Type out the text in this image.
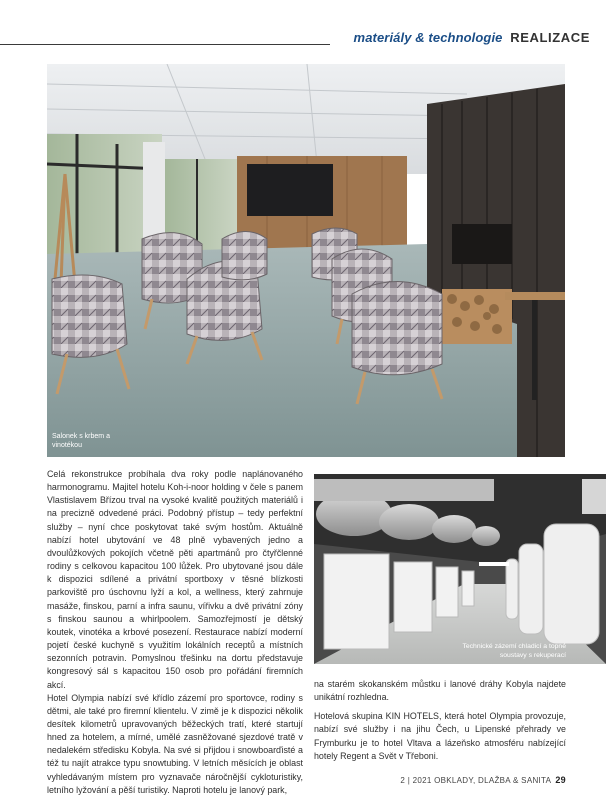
materiály & technologie REALIZACE
Salonek s krbem a vinotékou

Celá rekonstrukce probíhala dva roky podle naplánovaného harmonogramu. Majitel hotelu Koh-i-noor holding v čele s panem Vlastislavem Břízou trval na vysoké kvalitě použitých materiálů i na precizně odvedené práci. Podobný přístup – tedy perfektní služby – nyní chce poskytovat také svým hostům. Aktuálně nabízí hotel ubytování ve 48 plně vybavených jedno a dvoulůžkových pokojích včetně pěti apartmánů pro čtyřčlenné rodiny s celkovou kapacitou 100 lůžek. Pro ubytované jsou dále k dispozici sdílené a privátní sportboxy v těsné blízkosti parkoviště pro úschovnu lyží a kol, a wellness, který zahrnuje masáže, finskou, parní a infra saunu, vířivku a dvě privátní zóny s finskou saunou a whirlpoolem. Samozřejmostí je dětský koutek, vinotéka a krbové posezení. Restaurace nabízí moderní pojetí české kuchyně s využitím lokálních receptů a místních sezonních potravin. Pomyslnou třešinku na dortu představuje kongresový sál s kapacitou 150 osob pro pořádání firemních akcí.

Hotel Olympia nabízí své křídlo zázemí pro sportovce, rodiny s dětmi, ale také pro firemní klientelu. V zimě je k dispozici několik desítek kilometrů upravovaných běžeckých tratí, které startují hned za hotelem, a mírné, umělé zasněžované sjezdové tratě v nedalekém středisku Kobyla. Na své si přijdou i snowboarďisté a též tu najít atrakce typu snowtubing. V letních měsících je oblast vyhledávaným místem pro vyznavače náročnější cykloturistiky, letního lyžování a pěší turistiky. Naproti hotelu je lanový park,

Technické zázemí chladicí a topné soustavy s rekuperací

na starém skokanském můstku i lanové dráhy Kobyla najdete unikátní rozhledna.

Hotelová skupina KIN HOTELS, která hotel Olympia provozuje, nabízí své služby i na jihu Čech, u Lipenské přehrady ve Frymburku je to hotel Vltava a lázeňsko atmosféru nabízející hotely Regent a Svět v Třeboni.

2 | 2021 OBKLADY, DLAŽBA & SANITA 29
